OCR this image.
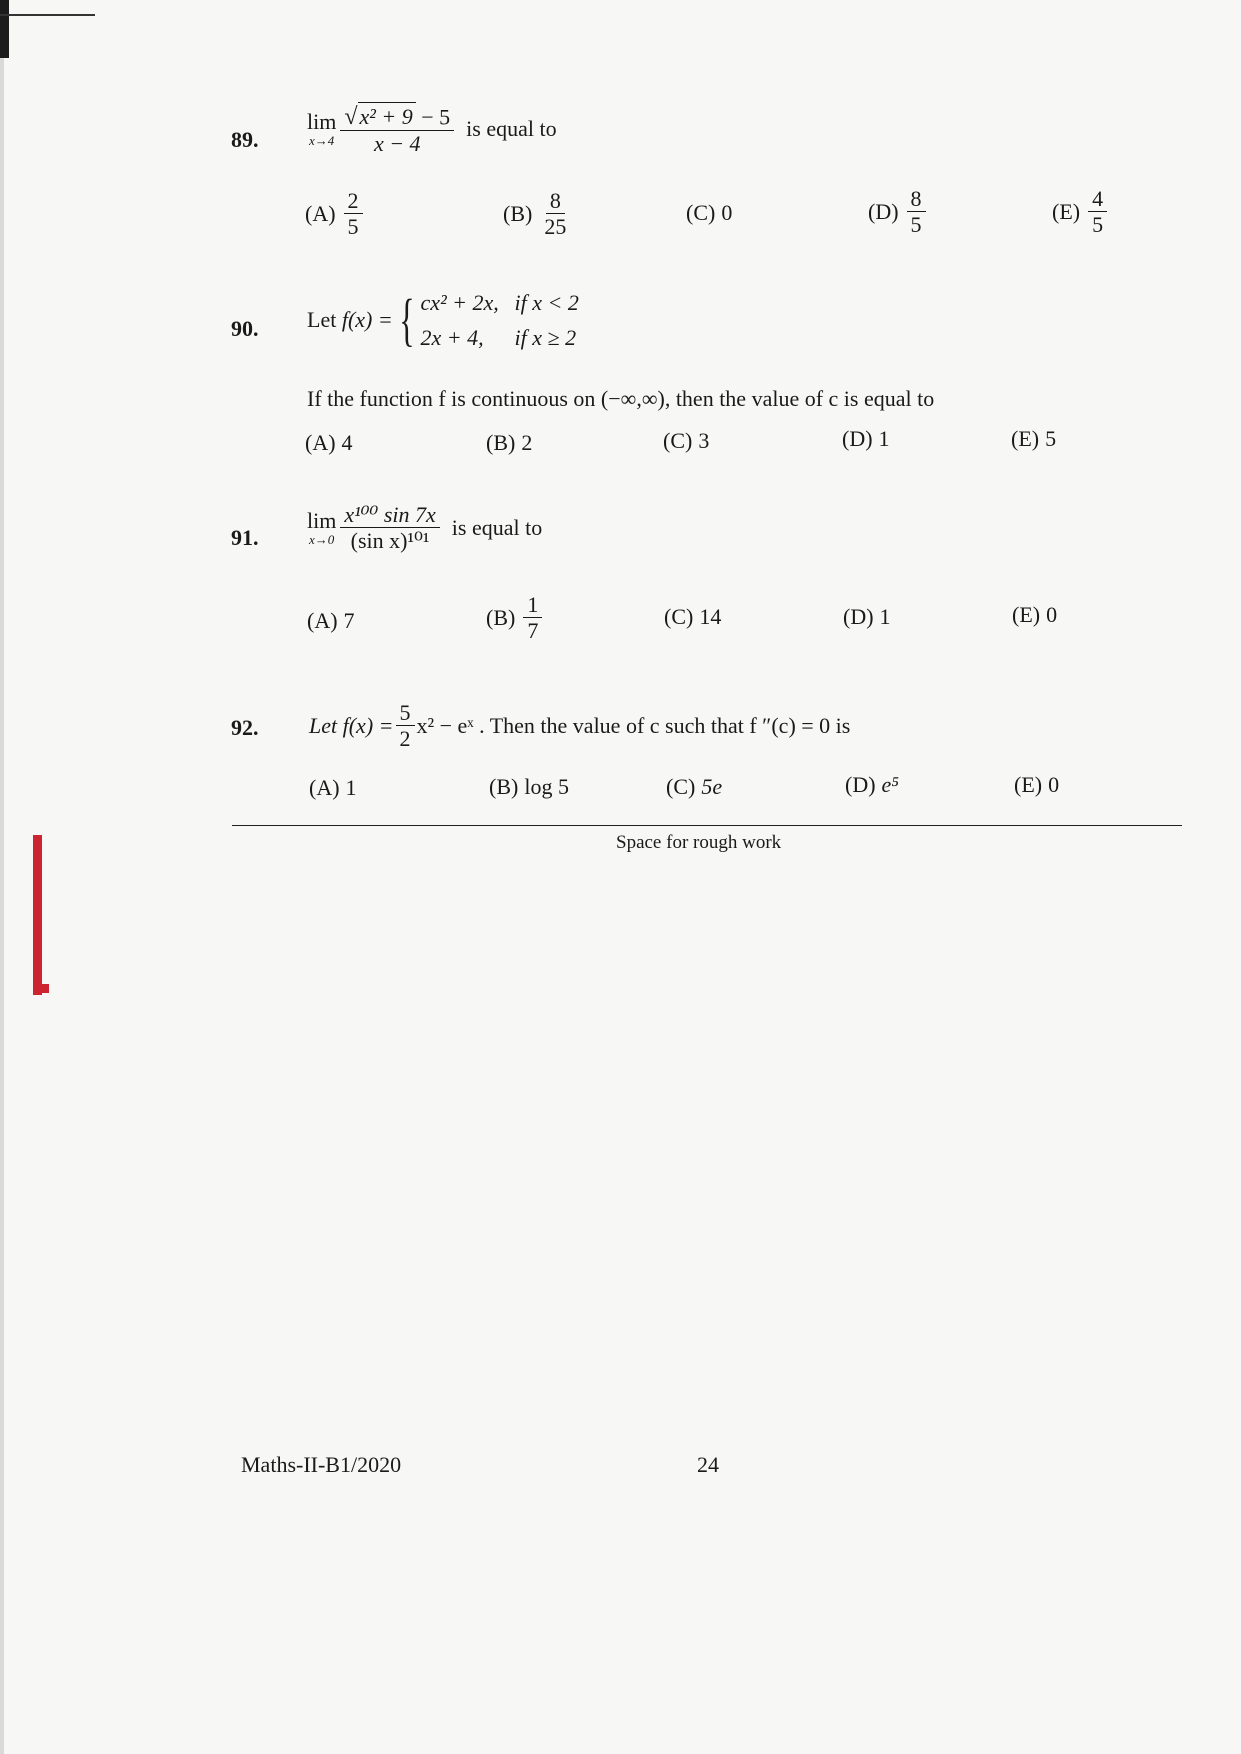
89.
lim
$x\to 4 \frac{\text{√ x² + 9 − 5}}{x - 4}$ is equal to
$(A) \frac{2}{5}$	$(B) \frac{8}{25}$	(C) 0	$(D) \frac{8}{5}$	$(E) \frac{4}{5}$
90. Let
f(x) = { cx² + 2x, if x < 2
2x + 4,	if x ≥ 2
If the function f is continuous on (−∞,∞), then the value of c is equal to
(A) 4	(B) 2	(C) 3	(D) 1	(E) 5
91.
lim
$x\to 0 \frac{\text{x¹⁰⁰ sin 7x}}{\text{(sin x)¹⁰¹}}$ is equal to
(A) 7	$(B) \frac{1}{7}$	(C) 14	(D) 1	(E) 0
92. Let $f(x) = \frac{5}{2} x^2$ − eˣ . Then the value of c such that f ″(c) = 0 is
(A) 1	(B) log 5	(C) 5e	(D) e⁵	(E) 0
Space for rough work
Maths-II-B1/2020	24
